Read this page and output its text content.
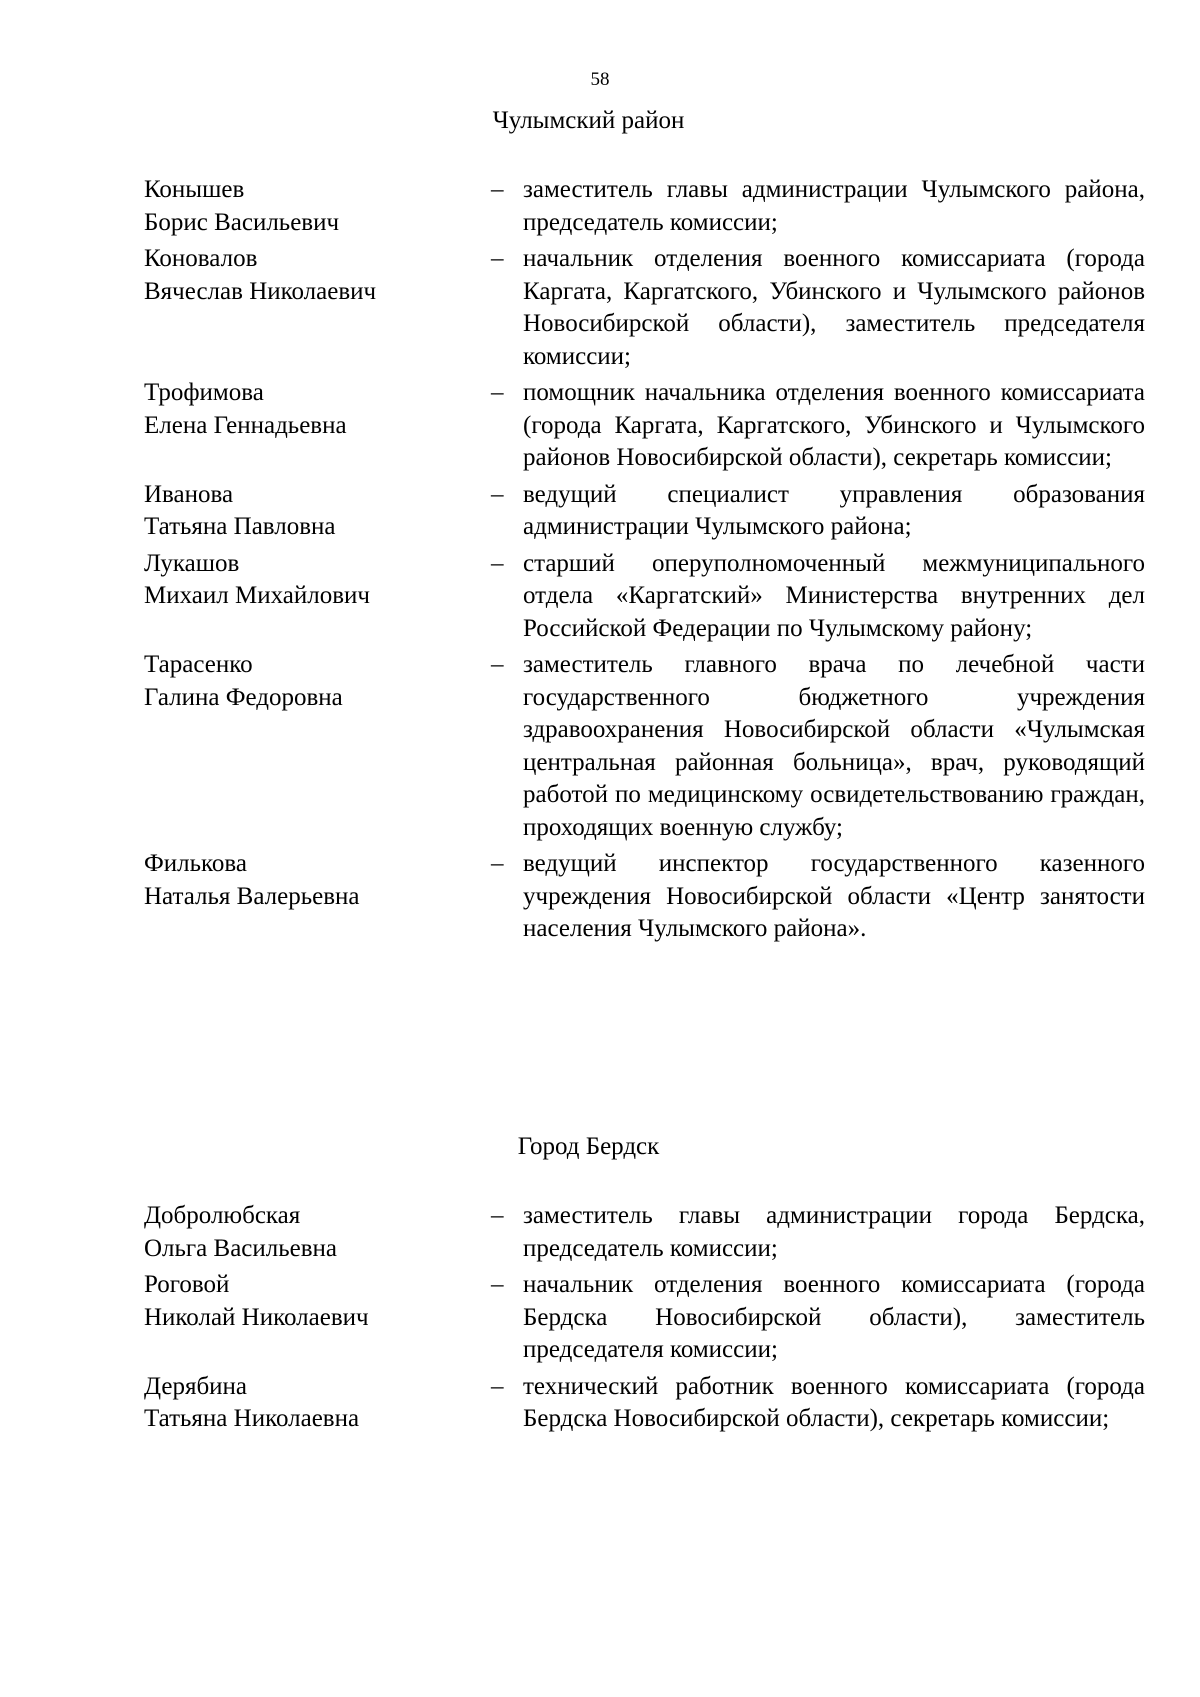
58
Чулымский район
Конышев
Борис Васильевич
– заместитель главы администрации Чулымского района, председатель комиссии;
Коновалов
Вячеслав Николаевич
– начальник отделения военного комиссариата (города Каргата, Каргатского, Убинского и Чулымского районов Новосибирской области), заместитель председателя комиссии;
Трофимова
Елена Геннадьевна
– помощник начальника отделения военного комиссариата (города Каргата, Каргатского, Убинского и Чулымского районов Новосибирской области), секретарь комиссии;
Иванова
Татьяна Павловна
– ведущий специалист управления образования администрации Чулымского района;
Лукашов
Михаил Михайлович
– старший оперуполномоченный межмуниципального отдела «Каргатский» Министерства внутренних дел Российской Федерации по Чулымскому району;
Тарасенко
Галина Федоровна
– заместитель главного врача по лечебной части государственного бюджетного учреждения здравоохранения Новосибирской области «Чулымская центральная районная больница», врач, руководящий работой по медицинскому освидетельствованию граждан, проходящих военную службу;
Филькова
Наталья Валерьевна
– ведущий инспектор государственного казенного учреждения Новосибирской области «Центр занятости населения Чулымского района».
Город Бердск
Добролюбская
Ольга Васильевна
– заместитель главы администрации города Бердска, председатель комиссии;
Роговой
Николай Николаевич
– начальник отделения военного комиссариата (города Бердска Новосибирской области), заместитель председателя комиссии;
Дерябина
Татьяна Николаевна
– технический работник военного комиссариата (города Бердска Новосибирской области), секретарь комиссии;
